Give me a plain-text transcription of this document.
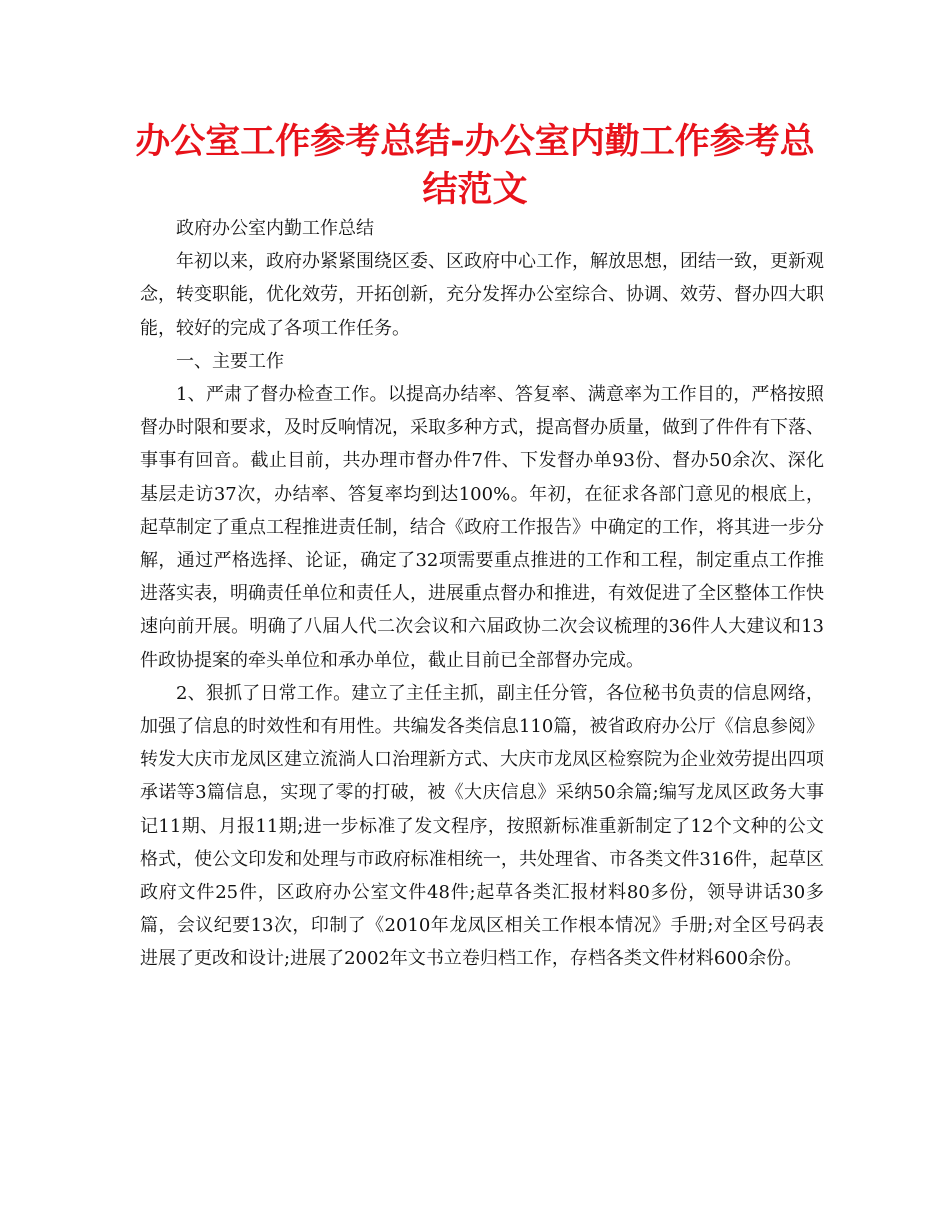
办公室工作参考总结-办公室内勤工作参考总结范文

政府办公室内勤工作总结

年初以来，政府办紧紧围绕区委、区政府中心工作，解放思想，团结一致，更新观念，转变职能，优化效劳，开拓创新，充分发挥办公室综合、协调、效劳、督办四大职能，较好的完成了各项工作任务。

一、主要工作

1、严肃了督办检查工作。以提高办结率、答复率、满意率为工作目的，严格按照督办时限和要求，及时反响情况，采取多种方式，提高督办质量，做到了件件有下落、事事有回音。截止目前，共办理市督办件7件、下发督办单93份、督办50余次、深化基层走访37次，办结率、答复率均到达100%。年初，在征求各部门意见的根底上，起草制定了重点工程推进责任制，结合《政府工作报告》中确定的工作，将其进一步分解，通过严格选择、论证，确定了32项需要重点推进的工作和工程，制定重点工作推进落实表，明确责任单位和责任人，进展重点督办和推进，有效促进了全区整体工作快速向前开展。明确了八届人代二次会议和六届政协二次会议梳理的36件人大建议和13件政协提案的牵头单位和承办单位，截止目前已全部督办完成。

2、狠抓了日常工作。建立了主任主抓，副主任分管，各位秘书负责的信息网络，加强了信息的时效性和有用性。共编发各类信息110篇，被省政府办公厅《信息参阅》转发大庆市龙凤区建立流淌人口治理新方式、大庆市龙凤区检察院为企业效劳提出四项承诺等3篇信息，实现了零的打破，被《大庆信息》采纳50余篇;编写龙凤区政务大事记11期、月报11期;进一步标准了发文程序，按照新标准重新制定了12个文种的公文格式，使公文印发和处理与市政府标准相统一，共处理省、市各类文件316件，起草区政府文件25件，区政府办公室文件48件;起草各类汇报材料80多份，领导讲话30多篇，会议纪要13次，印制了《2010年龙凤区相关工作根本情况》手册;对全区号码表进展了更改和设计;进展了2002年文书立卷归档工作，存档各类文件材料600余份。
